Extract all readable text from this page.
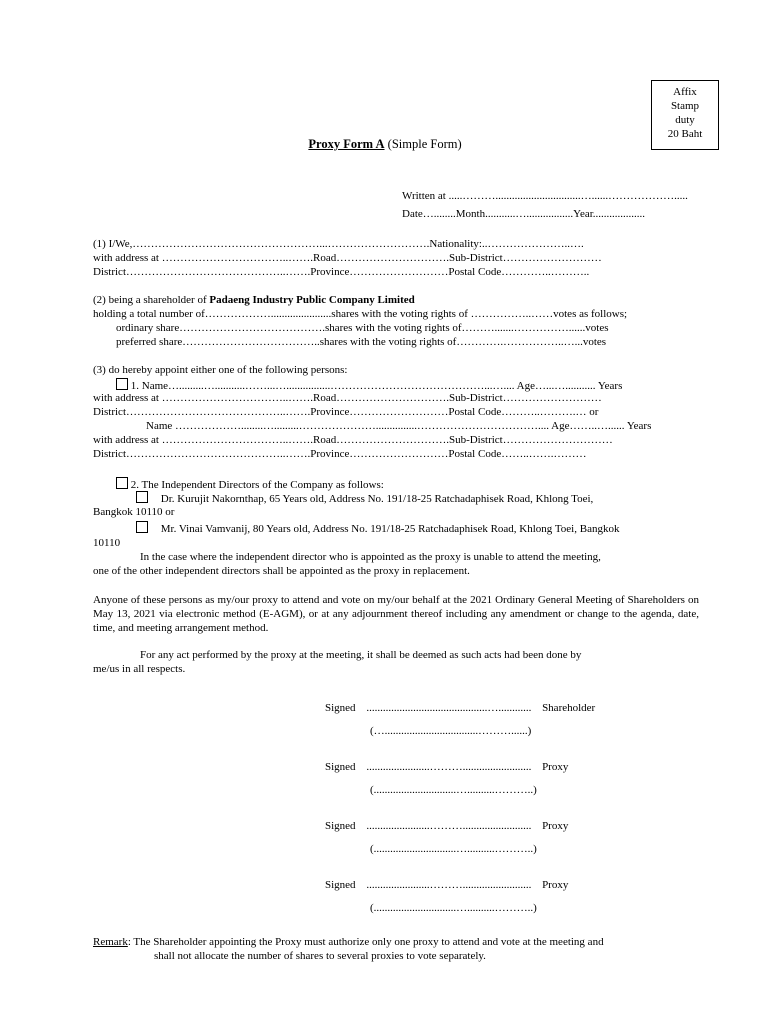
Affix
Stamp
duty
20 Baht
Proxy Form A (Simple Form)
Written at .....………...............................…......……………….....
Date…........Month...........….................Year...................
(1) I/We,……………………………………………...……………………….Nationality:..…………………..….
with address at ……………………………..…….Road………………………….Sub-District………………………
District……………………………………..…….Province………………………Postal Code…………..………..
(2) being a shareholder of Padaeng Industry Public Company Limited
holding a total number of………………......................shares with the voting rights of ……………..……votes as follows;
ordinary share………………………………….shares with the voting rights of……….......……………......votes
preferred share………………………………..shares with the voting rights of………….……………..…...votes
(3) do hereby appoint either one of the following persons:
1. Name….........…...........……...…................……………………………………...….... Age…...…........... Years
with address at ……………………………..…….Road………………………….Sub-District………………………
District……………………………………..…….Province………………………Postal Code………..……….… or
Name ………………........….........…………………...............…………………………….... Age……..…...... Years
with address at ……………………………..…….Road………………………….Sub-District…………………………
District……………………………………..…….Province………………………Postal Code……..…….………
2. The Independent Directors of the Company as follows:
Dr. Kurujit Nakornthap, 65 Years old, Address No. 191/18-25 Ratchadaphisek Road, Khlong Toei,
Bangkok 10110 or
Mr. Vinai Vamvanij, 80 Years old, Address No. 191/18-25 Ratchadaphisek Road, Khlong Toei, Bangkok
10110
In the case where the independent director who is appointed as the proxy is unable to attend the meeting,
one of the other independent directors shall be appointed as the proxy in replacement.
Anyone of these persons as my/our proxy to attend and vote on my/our behalf at the 2021 Ordinary General Meeting of Shareholders on May 13, 2021 via electronic method (E-AGM), or at any adjournment thereof including any amendment or change to the agenda, date, time, and meeting arrangement method.
For any act performed by the proxy at the meeting, it shall be deemed as such acts had been done by
me/us in all respects.
Signed ............................................…............ Shareholder
(…..................................………......)
Signed .......................………......................... Proxy
(..............................…..........………..)
Signed .......................………......................... Proxy
(..............................…..........………..)
Signed .......................………......................... Proxy
(..............................…..........………..)
Remark: The Shareholder appointing the Proxy must authorize only one proxy to attend and vote at the meeting and
shall not allocate the number of shares to several proxies to vote separately.
